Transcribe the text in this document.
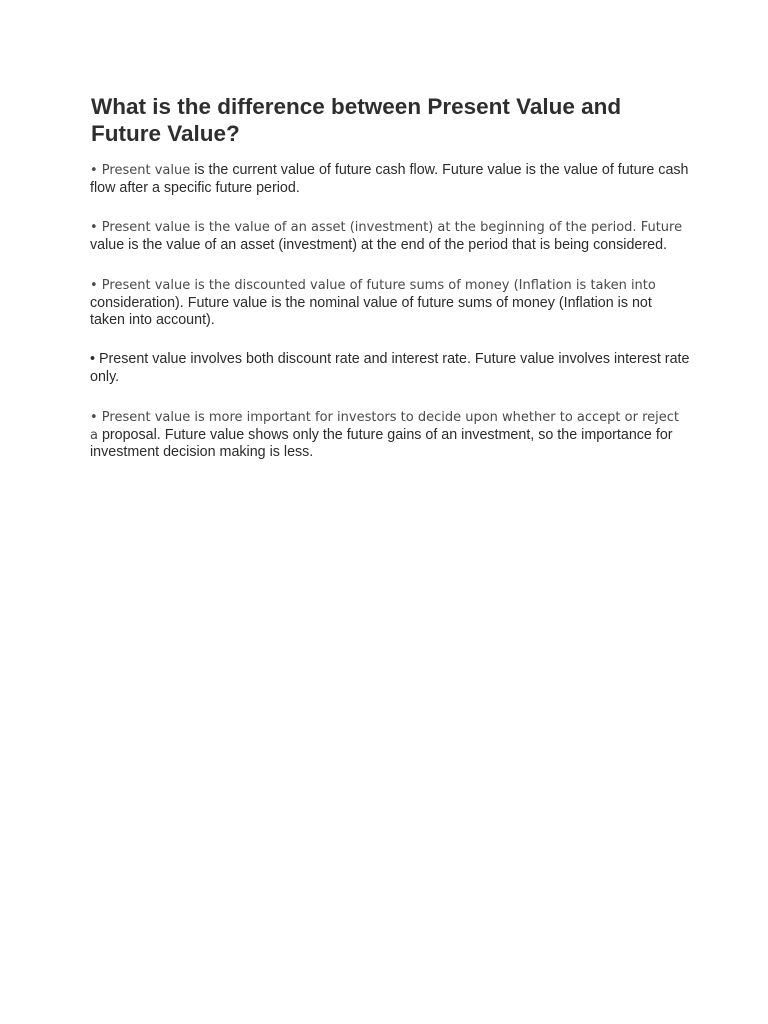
What is the difference between Present Value and Future Value?

• Present value is the current value of future cash flow. Future value is the value of future cash flow after a specific future period.

• Present value is the value of an asset (investment) at the beginning of the period. Future value is the value of an asset (investment) at the end of the period that is being considered.

• Present value is the discounted value of future sums of money (Inflation is taken into consideration). Future value is the nominal value of future sums of money (Inflation is not taken into account).

• Present value involves both discount rate and interest rate. Future value involves interest rate only.

• Present value is more important for investors to decide upon whether to accept or reject a proposal. Future value shows only the future gains of an investment, so the importance for investment decision making is less.
